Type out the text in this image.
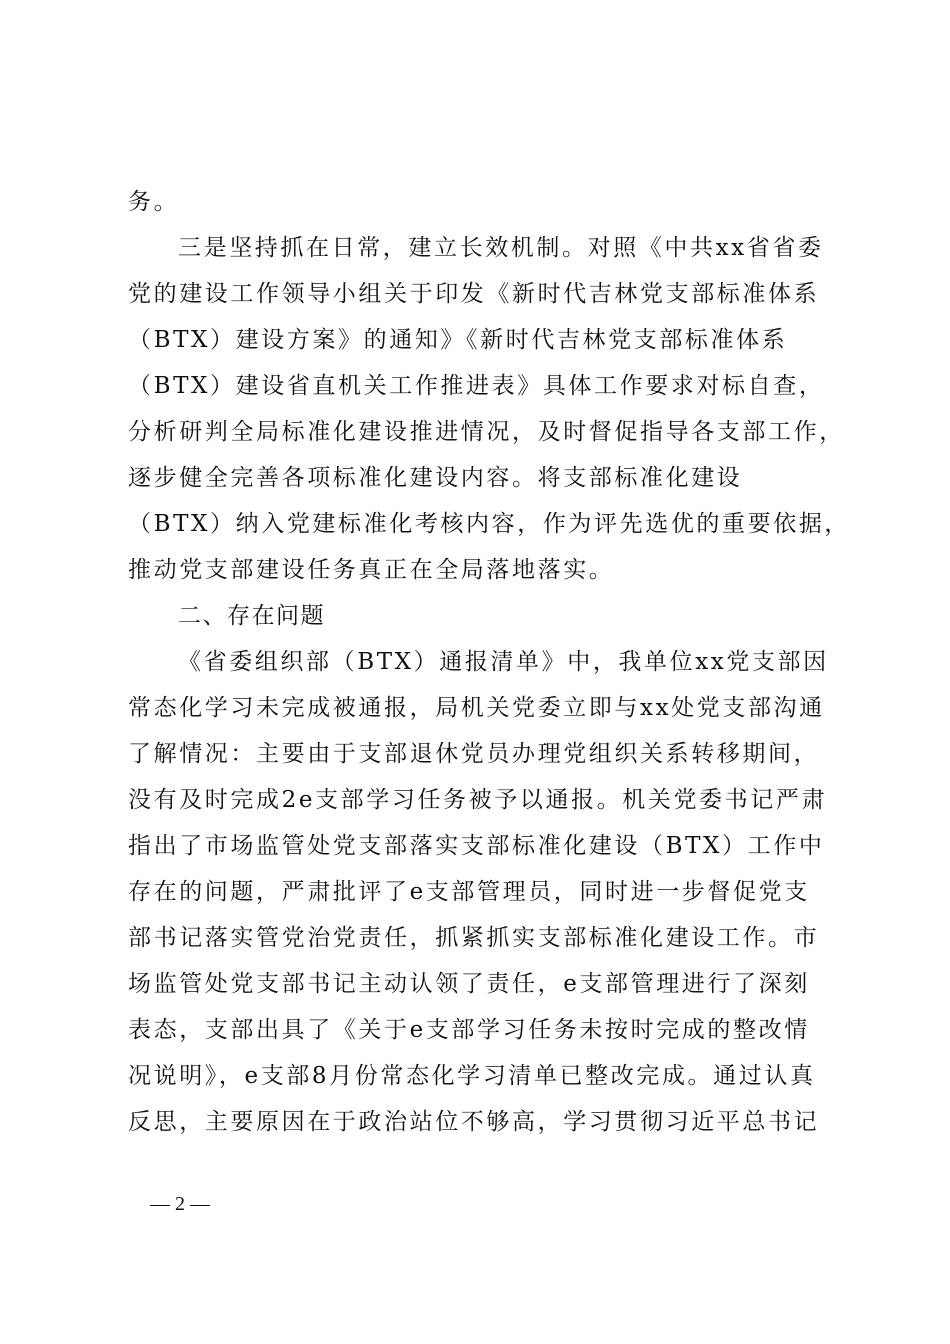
务。
三是坚持抓在日常，建立长效机制。对照《中共xx省省委
党的建设工作领导小组关于印发《新时代吉林党支部标准体系
（BTX）建设方案》的通知》《新时代吉林党支部标准体系
（BTX）建设省直机关工作推进表》具体工作要求对标自查，
分析研判全局标准化建设推进情况，及时督促指导各支部工作，
逐步健全完善各项标准化建设内容。将支部标准化建设
（BTX）纳入党建标准化考核内容，作为评先选优的重要依据，
推动党支部建设任务真正在全局落地落实。
二、存在问题
《省委组织部（BTX）通报清单》中，我单位xx党支部因
常态化学习未完成被通报，局机关党委立即与xx处党支部沟通
了解情况：主要由于支部退休党员办理党组织关系转移期间，
没有及时完成2e支部学习任务被予以通报。机关党委书记严肃
指出了市场监管处党支部落实支部标准化建设（BTX）工作中
存在的问题，严肃批评了e支部管理员，同时进一步督促党支
部书记落实管党治党责任，抓紧抓实支部标准化建设工作。市
场监管处党支部书记主动认领了责任，e支部管理进行了深刻
表态，支部出具了《关于e支部学习任务未按时完成的整改情
况说明》，e支部8月份常态化学习清单已整改完成。通过认真
反思，主要原因在于政治站位不够高，学习贯彻习近平总书记
— 2 —
